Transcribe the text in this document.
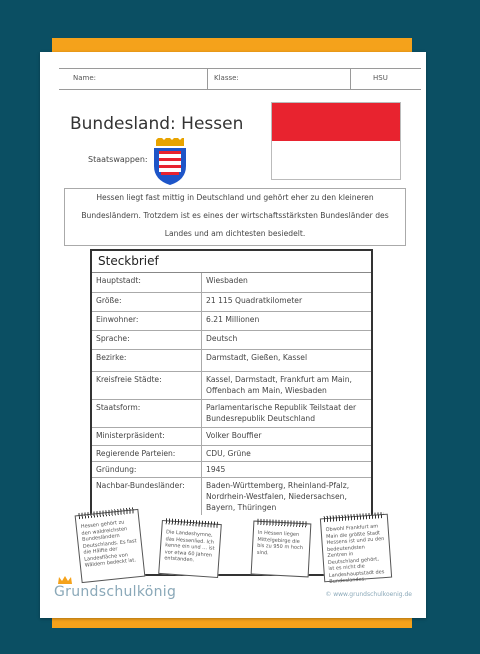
Name:	Klasse:	HSU
Bundesland: Hessen
Staatswappen:
Hessen liegt fast mittig in Deutschland und gehört eher zu den kleineren Bundesländern. Trotzdem ist es eines der wirtschaftsstärksten Bundesländer des Landes und am dichtesten besiedelt.
Steckbrief
Hauptstadt:	Wiesbaden
Größe:	21 115 Quadratkilometer
Einwohner:	6.21 Millionen
Sprache:	Deutsch
Bezirke:	Darmstadt, Gießen, Kassel
Kreisfreie Städte:	Kassel, Darmstadt, Frankfurt am Main, Offenbach am Main, Wiesbaden
Staatsform:	Parlamentarische Republik Teilstaat der Bundesrepublik Deutschland
Ministerpräsident:	Volker Bouffier
Regierende Parteien:	CDU, Grüne
Gründung:	1945
Nachbar-Bundesländer:	Baden-Württemberg, Rheinland-Pfalz, Nordrhein-Westfalen, Niedersachsen, Bayern, Thüringen
Hessen gehört zu den waldreichsten Bundesländern Deutschlands. Es fast die Hälfte der Landesfläche von Wäldern bedeckt ist.
Die Landeshymne, das Hessenlied. Ich kenne ein und ... ist vor etwa 60 Jahren entstanden.
In Hessen liegen Mittelgebirge die bis zu 950 m hoch sind.
Obwohl Frankfurt am Main die größte Stadt Hessens ist und zu den bedeutendsten Zentren in Deutschland gehört, ist es nicht die Landeshauptstadt des Bundeslandes.
Grundschulkönig	© www.grundschulkoenig.de
